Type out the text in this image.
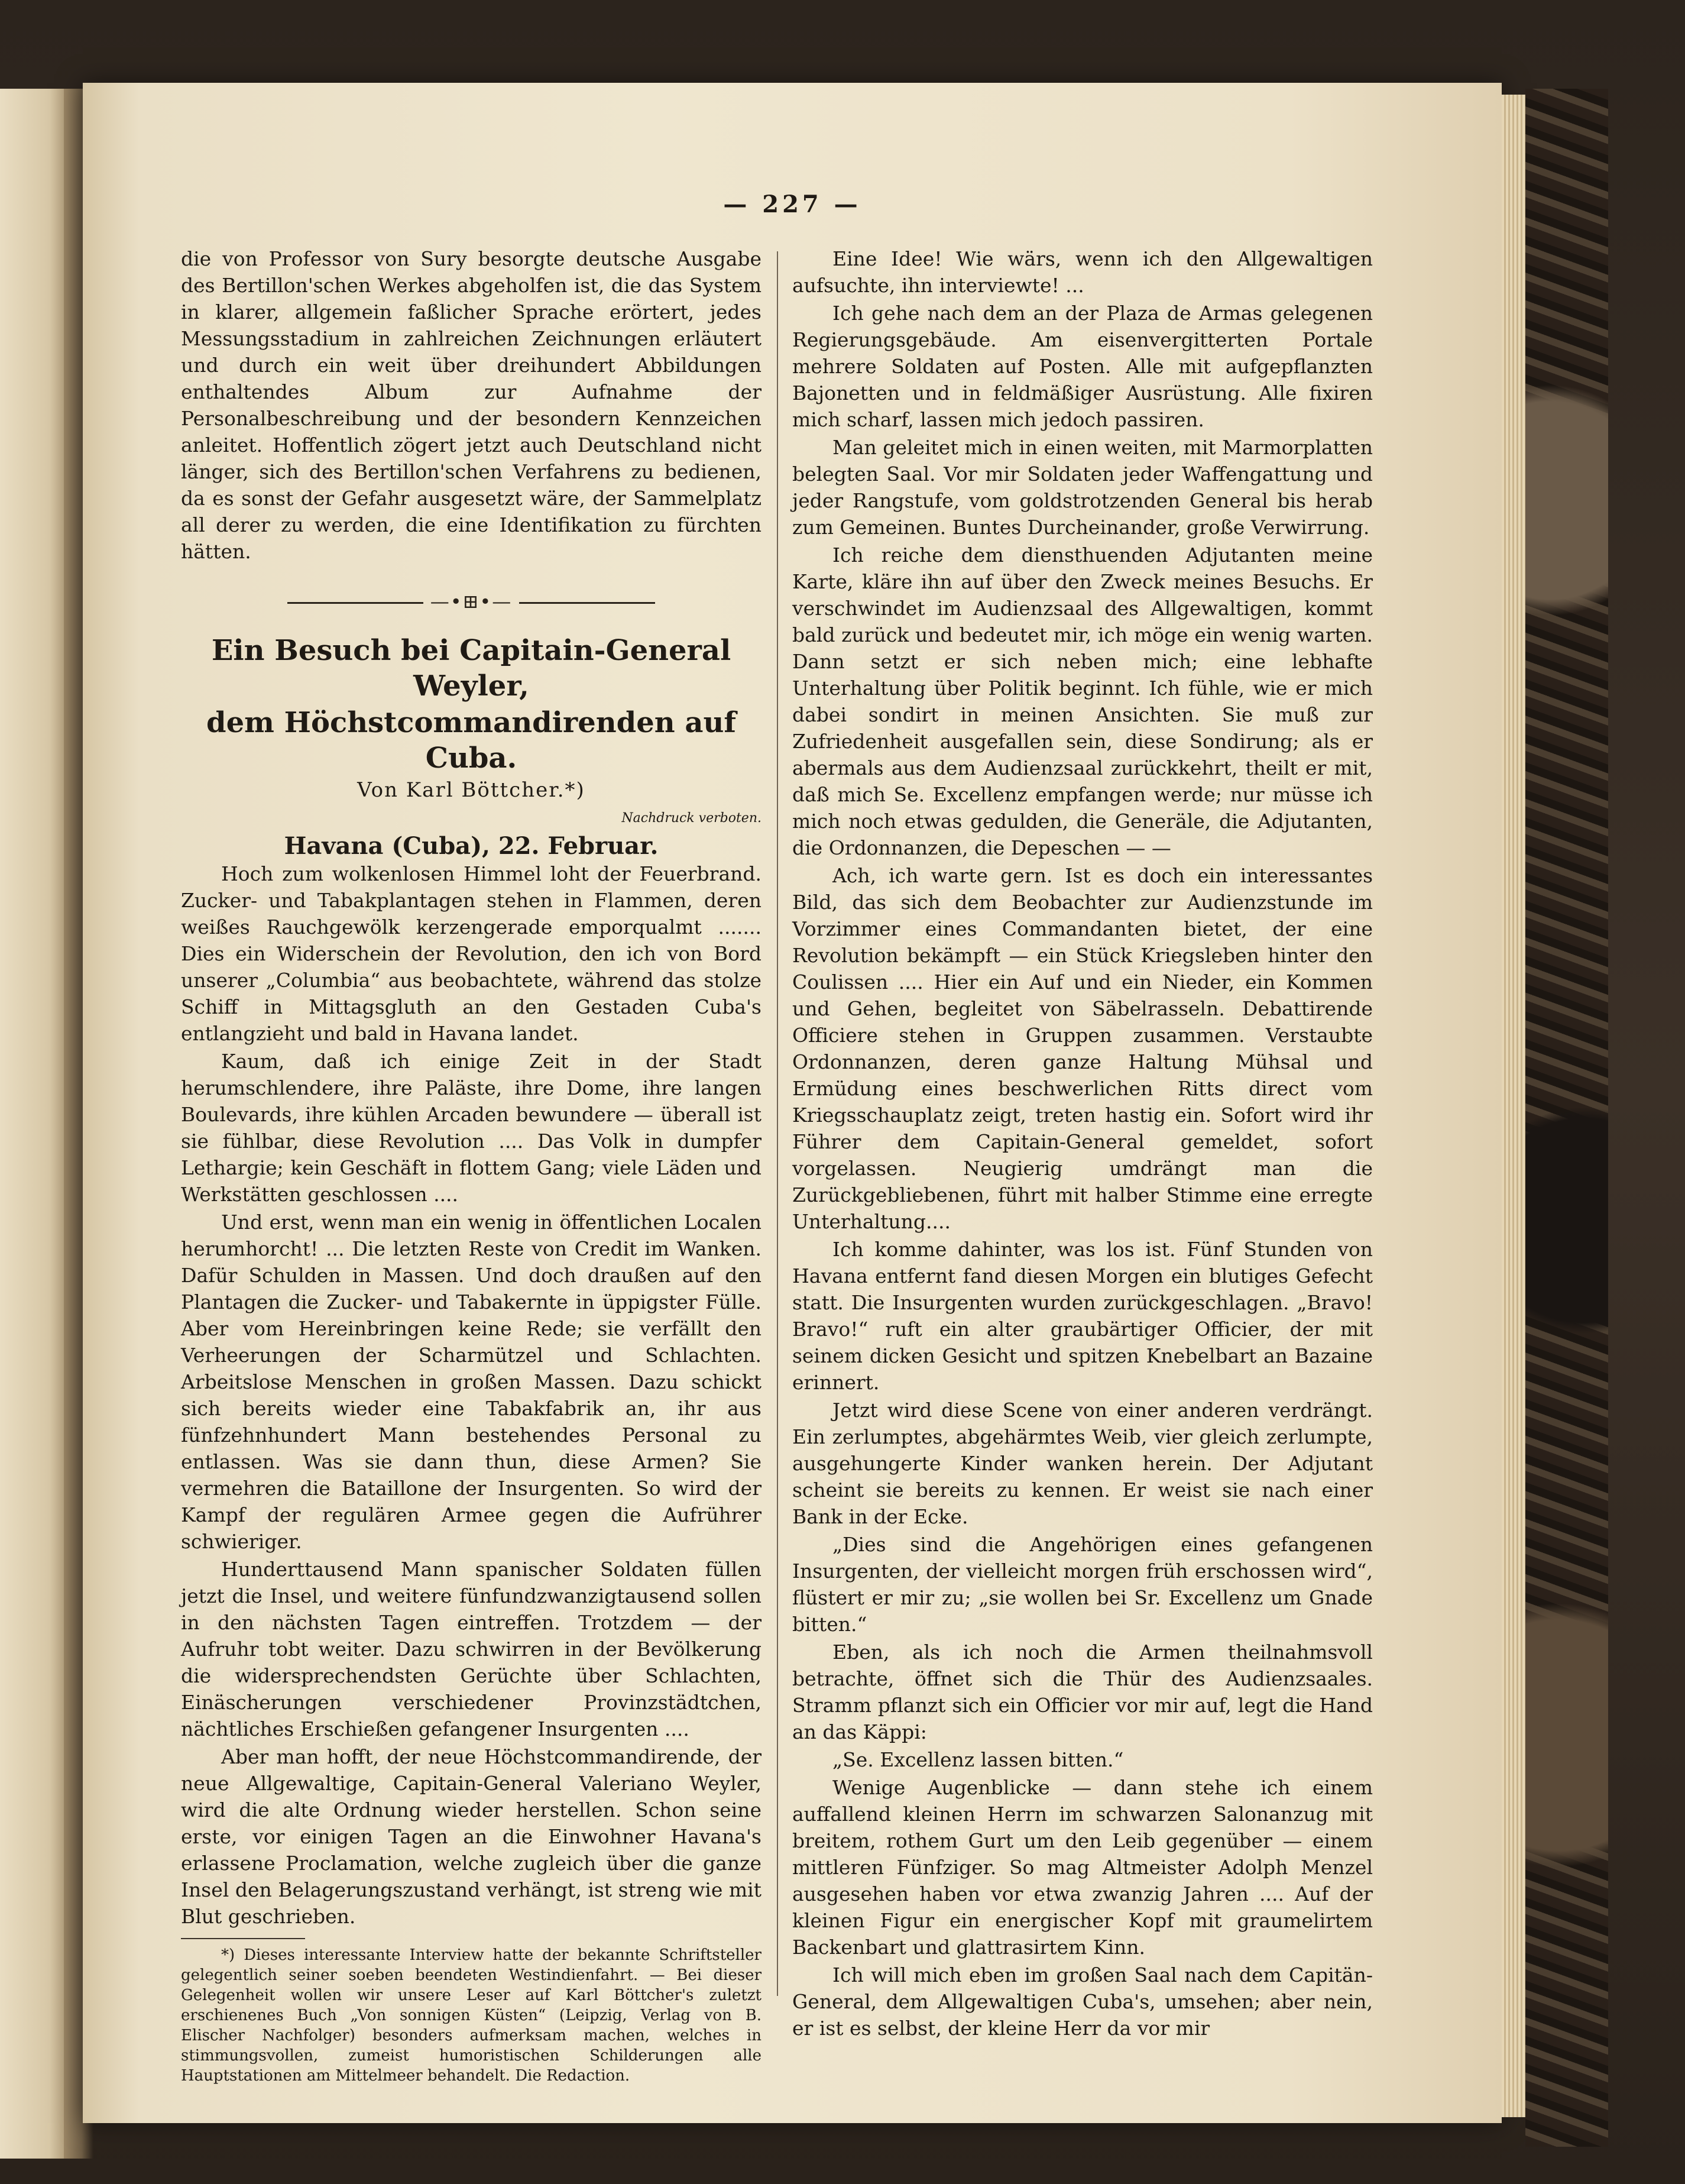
— 227 —

die von Professor von Sury besorgte deutsche Ausgabe des Bertillon'schen Werkes abgeholfen ist, die das System in klarer, allgemein faßlicher Sprache erörtert, jedes Messungsstadium in zahlreichen Zeichnungen erläutert und durch ein weit über dreihundert Abbildungen enthaltendes Album zur Aufnahme der Personalbeschreibung und der besondern Kennzeichen anleitet. Hoffentlich zögert jetzt auch Deutschland nicht länger, sich des Bertillon'schen Verfahrens zu bedienen, da es sonst der Gefahr ausgesetzt wäre, der Sammelplatz all derer zu werden, die eine Identifikation zu fürchten hätten.

—•⊞•—

Ein Besuch bei Capitain-General Weyler,

dem Höchstcommandirenden auf Cuba.

Von Karl Böttcher.*)

Nachdruck verboten.

Havana (Cuba), 22. Februar.

Hoch zum wolkenlosen Himmel loht der Feuerbrand. Zucker- und Tabakplantagen stehen in Flammen, deren weißes Rauchgewölk kerzengerade emporqualmt ....... Dies ein Widerschein der Revolution, den ich von Bord unserer „Columbia“ aus beobachtete, während das stolze Schiff in Mittagsgluth an den Gestaden Cuba's entlangzieht und bald in Havana landet.

Kaum, daß ich einige Zeit in der Stadt herumschlendere, ihre Paläste, ihre Dome, ihre langen Boulevards, ihre kühlen Arcaden bewundere — überall ist sie fühlbar, diese Revolution .... Das Volk in dumpfer Lethargie; kein Geschäft in flottem Gang; viele Läden und Werkstätten geschlossen ....

Und erst, wenn man ein wenig in öffentlichen Localen herumhorcht! ... Die letzten Reste von Credit im Wanken. Dafür Schulden in Massen. Und doch draußen auf den Plantagen die Zucker- und Tabakernte in üppigster Fülle. Aber vom Hereinbringen keine Rede; sie verfällt den Verheerungen der Scharmützel und Schlachten. Arbeitslose Menschen in großen Massen. Dazu schickt sich bereits wieder eine Tabakfabrik an, ihr aus fünfzehnhundert Mann bestehendes Personal zu entlassen. Was sie dann thun, diese Armen? Sie vermehren die Bataillone der Insurgenten. So wird der Kampf der regulären Armee gegen die Aufrührer schwieriger.

Hunderttausend Mann spanischer Soldaten füllen jetzt die Insel, und weitere fünfundzwanzigtausend sollen in den nächsten Tagen eintreffen. Trotzdem — der Aufruhr tobt weiter. Dazu schwirren in der Bevölkerung die widersprechendsten Gerüchte über Schlachten, Einäscherungen verschiedener Provinzstädtchen, nächtliches Erschießen gefangener Insurgenten ....

Aber man hofft, der neue Höchstcommandirende, der neue Allgewaltige, Capitain-General Valeriano Weyler, wird die alte Ordnung wieder herstellen. Schon seine erste, vor einigen Tagen an die Einwohner Havana's erlassene Proclamation, welche zugleich über die ganze Insel den Belagerungszustand verhängt, ist streng wie mit Blut geschrieben.

*) Dieses interessante Interview hatte der bekannte Schriftsteller gelegentlich seiner soeben beendeten Westindienfahrt. — Bei dieser Gelegenheit wollen wir unsere Leser auf Karl Böttcher's zuletzt erschienenes Buch „Von sonnigen Küsten“ (Leipzig, Verlag von B. Elischer Nachfolger) besonders aufmerksam machen, welches in stimmungsvollen, zumeist humoristischen Schilderungen alle Hauptstationen am Mittelmeer behandelt. Die Redaction.

Eine Idee! Wie wärs, wenn ich den Allgewaltigen aufsuchte, ihn interviewte! ...

Ich gehe nach dem an der Plaza de Armas gelegenen Regierungsgebäude. Am eisenvergitterten Portale mehrere Soldaten auf Posten. Alle mit aufgepflanzten Bajonetten und in feldmäßiger Ausrüstung. Alle fixiren mich scharf, lassen mich jedoch passiren.

Man geleitet mich in einen weiten, mit Marmorplatten belegten Saal. Vor mir Soldaten jeder Waffengattung und jeder Rangstufe, vom goldstrotzenden General bis herab zum Gemeinen. Buntes Durcheinander, große Verwirrung.

Ich reiche dem diensthuenden Adjutanten meine Karte, kläre ihn auf über den Zweck meines Besuchs. Er verschwindet im Audienzsaal des Allgewaltigen, kommt bald zurück und bedeutet mir, ich möge ein wenig warten. Dann setzt er sich neben mich; eine lebhafte Unterhaltung über Politik beginnt. Ich fühle, wie er mich dabei sondirt in meinen Ansichten. Sie muß zur Zufriedenheit ausgefallen sein, diese Sondirung; als er abermals aus dem Audienzsaal zurückkehrt, theilt er mit, daß mich Se. Excellenz empfangen werde; nur müsse ich mich noch etwas gedulden, die Generäle, die Adjutanten, die Ordonnanzen, die Depeschen — —

Ach, ich warte gern. Ist es doch ein interessantes Bild, das sich dem Beobachter zur Audienzstunde im Vorzimmer eines Commandanten bietet, der eine Revolution bekämpft — ein Stück Kriegsleben hinter den Coulissen .... Hier ein Auf und ein Nieder, ein Kommen und Gehen, begleitet von Säbelrasseln. Debattirende Officiere stehen in Gruppen zusammen. Verstaubte Ordonnanzen, deren ganze Haltung Mühsal und Ermüdung eines beschwerlichen Ritts direct vom Kriegsschauplatz zeigt, treten hastig ein. Sofort wird ihr Führer dem Capitain-General gemeldet, sofort vorgelassen. Neugierig umdrängt man die Zurückgebliebenen, führt mit halber Stimme eine erregte Unterhaltung....

Ich komme dahinter, was los ist. Fünf Stunden von Havana entfernt fand diesen Morgen ein blutiges Gefecht statt. Die Insurgenten wurden zurückgeschlagen. „Bravo! Bravo!“ ruft ein alter graubärtiger Officier, der mit seinem dicken Gesicht und spitzen Knebelbart an Bazaine erinnert.

Jetzt wird diese Scene von einer anderen verdrängt. Ein zerlumptes, abgehärmtes Weib, vier gleich zerlumpte, ausgehungerte Kinder wanken herein. Der Adjutant scheint sie bereits zu kennen. Er weist sie nach einer Bank in der Ecke.

„Dies sind die Angehörigen eines gefangenen Insurgenten, der vielleicht morgen früh erschossen wird“, flüstert er mir zu; „sie wollen bei Sr. Excellenz um Gnade bitten.“

Eben, als ich noch die Armen theilnahmsvoll betrachte, öffnet sich die Thür des Audienzsaales. Stramm pflanzt sich ein Officier vor mir auf, legt die Hand an das Käppi:

„Se. Excellenz lassen bitten.“

Wenige Augenblicke — dann stehe ich einem auffallend kleinen Herrn im schwarzen Salonanzug mit breitem, rothem Gurt um den Leib gegenüber — einem mittleren Fünfziger. So mag Altmeister Adolph Menzel ausgesehen haben vor etwa zwanzig Jahren .... Auf der kleinen Figur ein energischer Kopf mit graumelirtem Backenbart und glattrasirtem Kinn.

Ich will mich eben im großen Saal nach dem Capitän-General, dem Allgewaltigen Cuba's, umsehen; aber nein, er ist es selbst, der kleine Herr da vor mir
